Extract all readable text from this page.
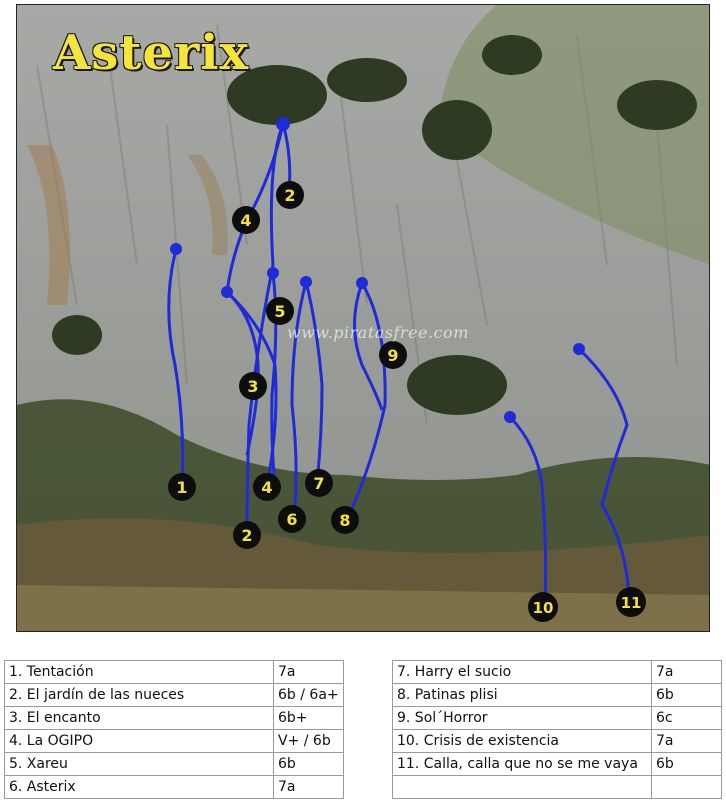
2
4
5
3
9
1	4	7
6	8
2
10	11
Asterix
www.piratasfree.com
1. Tentación	7a
2. El jardín de las nueces	6b / 6a+
3. El encanto	6b+
4. La OGIPO	V+ / 6b
5. Xareu	6b
6. Asterix	7a
7. Harry el sucio	7a
8. Patinas plisi	6b
9. Sol´Horror	6c
10. Crisis de existencia	7a
11. Calla, calla que no se me vaya	6b
